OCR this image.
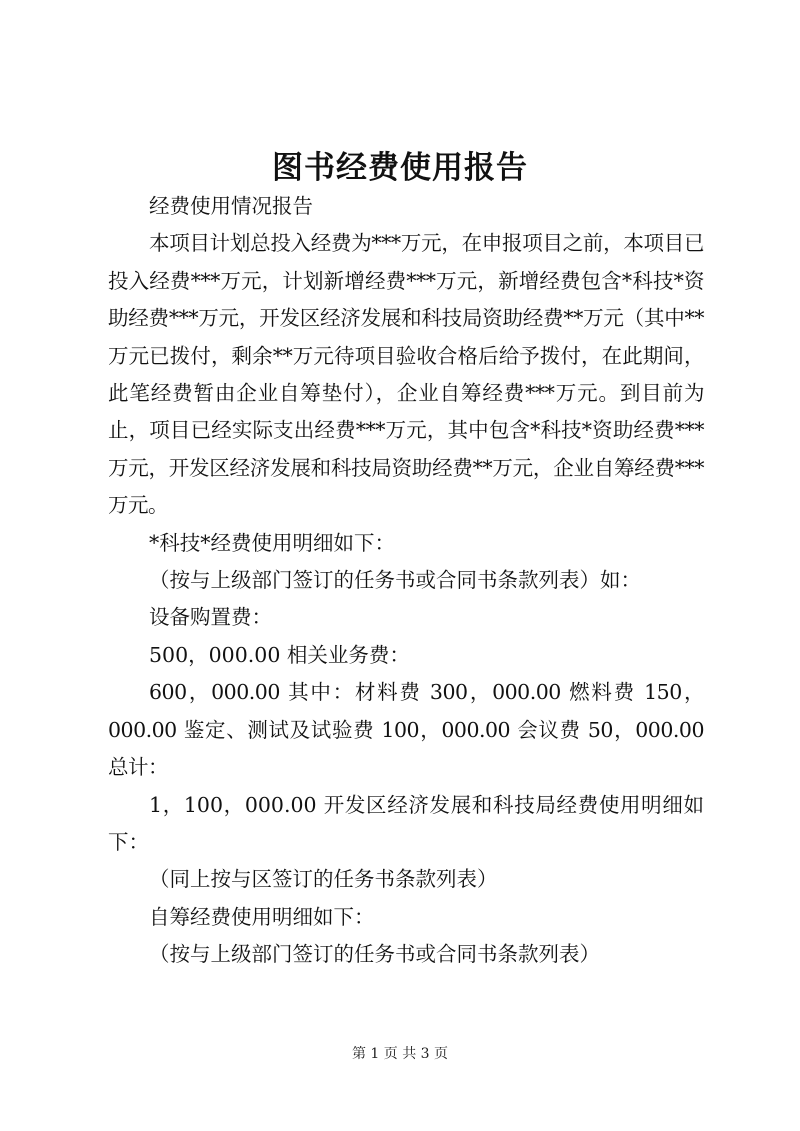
图书经费使用报告

经费使用情况报告

本项目计划总投入经费为***万元，在申报项目之前，本项目已投入经费***万元，计划新增经费***万元，新增经费包含*科技*资助经费***万元，开发区经济发展和科技局资助经费**万元（其中**万元已拨付，剩余**万元待项目验收合格后给予拨付，在此期间，此笔经费暂由企业自筹垫付），企业自筹经费***万元。到目前为止，项目已经实际支出经费***万元，其中包含*科技*资助经费***万元，开发区经济发展和科技局资助经费**万元，企业自筹经费***万元。

*科技*经费使用明细如下：

（按与上级部门签订的任务书或合同书条款列表）如：

设备购置费：

500，000.00 相关业务费：

600，000.00 其中：材料费 300，000.00 燃料费 150，000.00 鉴定、测试及试验费 100，000.00 会议费 50，000.00 总计：

1，100，000.00 开发区经济发展和科技局经费使用明细如下：

（同上按与区签订的任务书条款列表）

自筹经费使用明细如下：

（按与上级部门签订的任务书或合同书条款列表）

第 1 页 共 3 页
